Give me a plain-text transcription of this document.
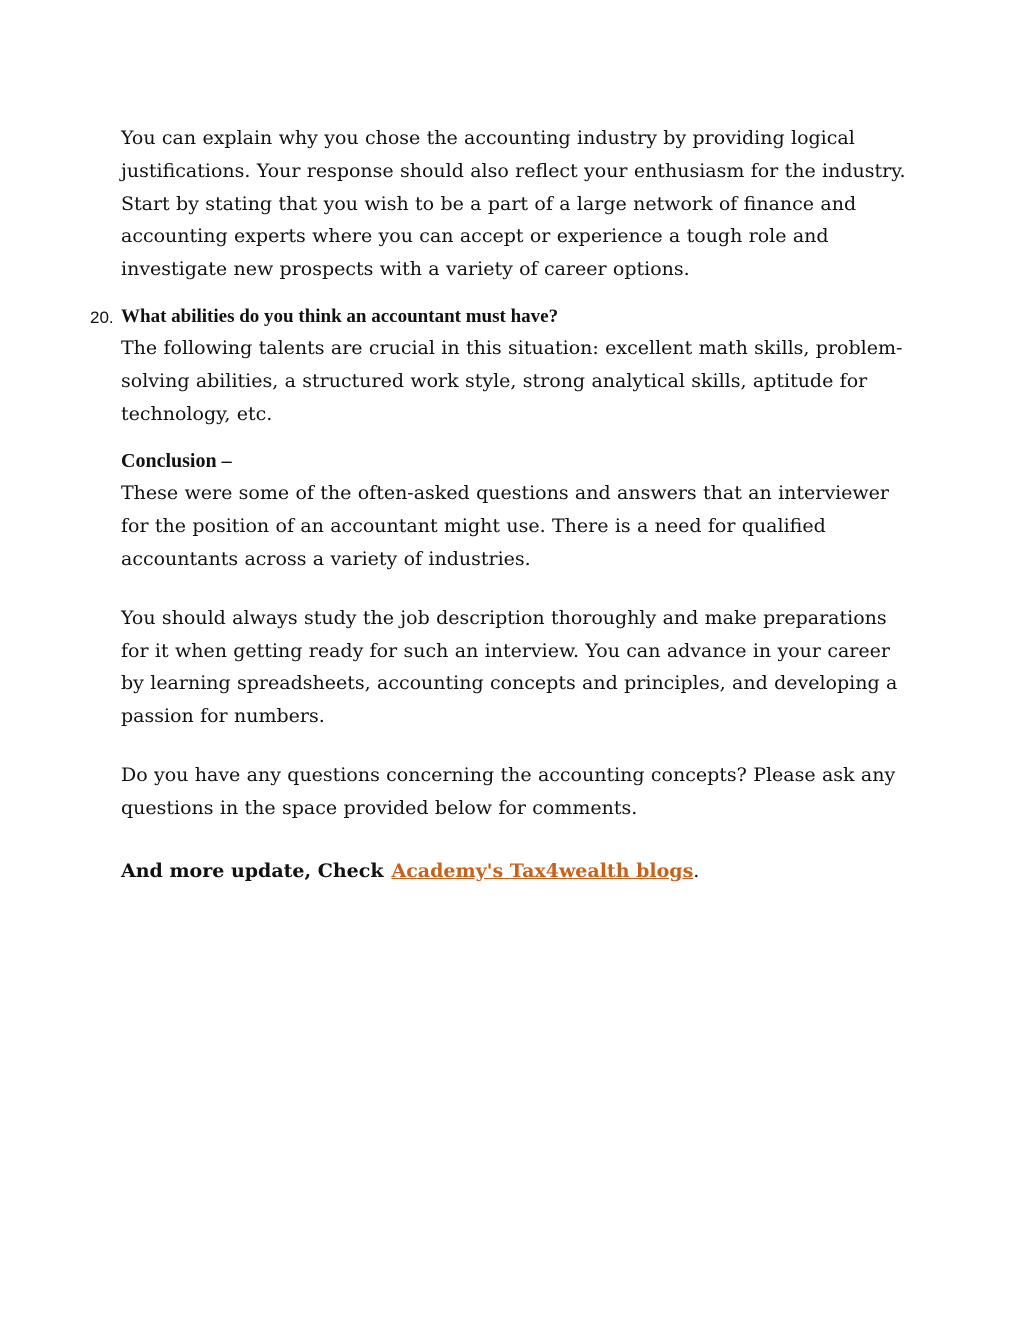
You can explain why you chose the accounting industry by providing logical justifications. Your response should also reflect your enthusiasm for the industry. Start by stating that you wish to be a part of a large network of finance and accounting experts where you can accept or experience a tough role and investigate new prospects with a variety of career options.

20. What abilities do you think an accountant must have?

The following talents are crucial in this situation: excellent math skills, problem-solving abilities, a structured work style, strong analytical skills, aptitude for technology, etc.

Conclusion –

These were some of the often-asked questions and answers that an interviewer for the position of an accountant might use. There is a need for qualified accountants across a variety of industries.

You should always study the job description thoroughly and make preparations for it when getting ready for such an interview. You can advance in your career by learning spreadsheets, accounting concepts and principles, and developing a passion for numbers.

Do you have any questions concerning the accounting concepts? Please ask any questions in the space provided below for comments.

And more update, Check Academy's Tax4wealth blogs.
